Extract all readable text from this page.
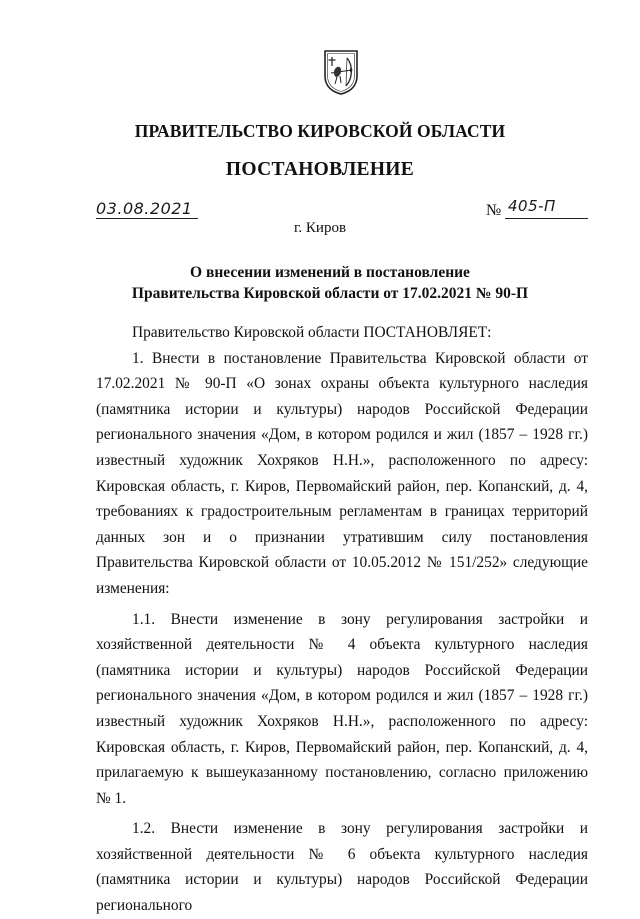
ПРАВИТЕЛЬСТВО КИРОВСКОЙ ОБЛАСТИ
ПОСТАНОВЛЕНИЕ
03.08.2021	№ 405-П
г. Киров
О внесении изменений в постановление
Правительства Кировской области от 17.02.2021 № 90-П

Правительство Кировской области ПОСТАНОВЛЯЕТ:

1. Внести в постановление Правительства Кировской области от 17.02.2021 № 90-П «О зонах охраны объекта культурного наследия (памятника истории и культуры) народов Российской Федерации регионального значения «Дом, в котором родился и жил (1857 – 1928 гг.) известный художник Хохряков Н.Н.», расположенного по адресу: Кировская область, г. Киров, Первомайский район, пер. Копанский, д. 4, требованиях к градостроительным регламентам в границах территорий данных зон и о признании утратившим силу постановления Правительства Кировской области от 10.05.2012 № 151/252» следующие изменения:

1.1. Внести изменение в зону регулирования застройки и хозяйственной деятельности № 4 объекта культурного наследия (памятника истории и культуры) народов Российской Федерации регионального значения «Дом, в котором родился и жил (1857 – 1928 гг.) известный художник Хохряков Н.Н.», расположенного по адресу: Кировская область, г. Киров, Первомайский район, пер. Копанский, д. 4, прилагаемую к вышеуказанному постановлению, согласно приложению № 1.

1.2. Внести изменение в зону регулирования застройки и хозяйственной деятельности № 6 объекта культурного наследия (памятника истории и культуры) народов Российской Федерации регионального
